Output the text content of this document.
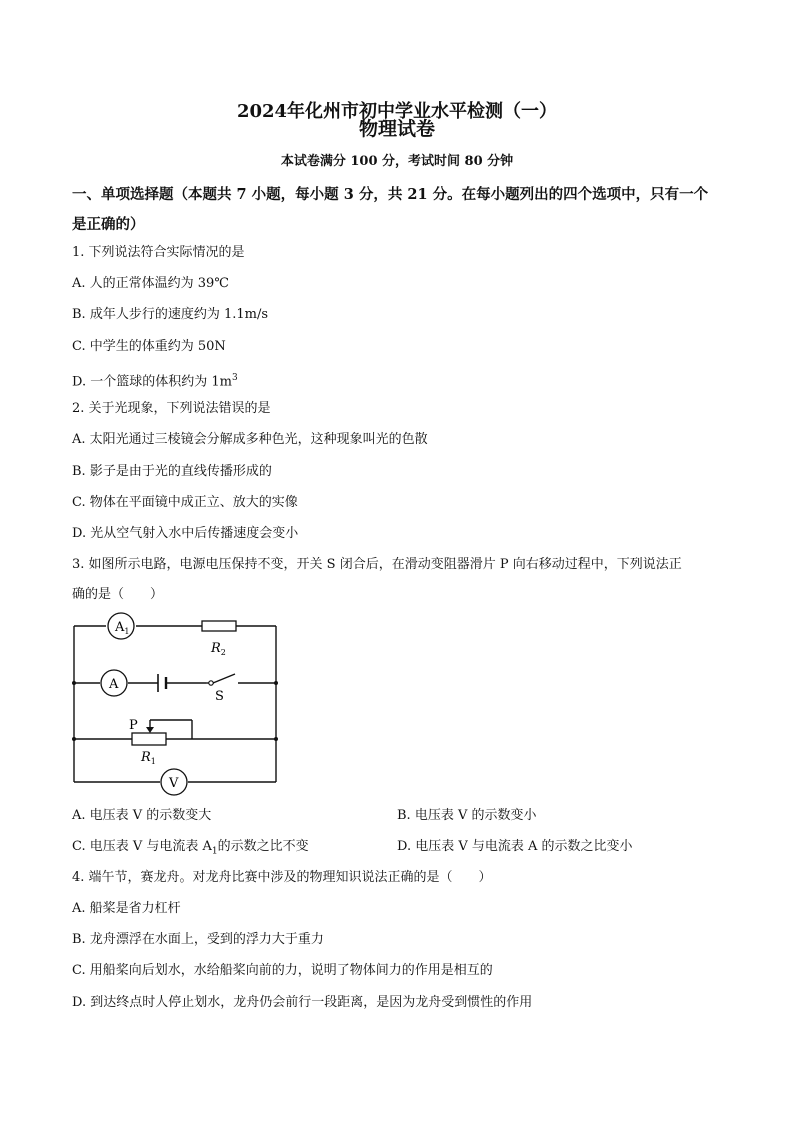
2024年化州市初中学业水平检测（一）
物理试卷
本试卷满分 100 分，考试时间 80 分钟
一、单项选择题（本题共 7 小题，每小题 3 分，共 21 分。在每小题列出的四个选项中，只有一个是正确的）
1. 下列说法符合实际情况的是
A. 人的正常体温约为 39℃
B. 成年人步行的速度约为 1.1m/s
C. 中学生的体重约为 50N
D. 一个篮球的体积约为 $1m^3$
2. 关于光现象，下列说法错误的是
A. 太阳光通过三棱镜会分解成多种色光，这种现象叫光的色散
B. 影子是由于光的直线传播形成的
C. 物体在平面镜中成正立、放大的实像
D. 光从空气射入水中后传播速度会变小
3. 如图所示电路，电源电压保持不变，开关 S 闭合后，在滑动变阻器滑片 P 向右移动过程中，下列说法正
确的是（　　）
$A_1$
A
V
$R_2$
S
P
$R_1$
A. 电压表 V 的示数变大	B. 电压表 V 的示数变小
C. 电压表 V 与电流表 $A_1$的示数之比不变	D. 电压表 V 与电流表 A 的示数之比变小
4. 端午节，赛龙舟。对龙舟比赛中涉及的物理知识说法正确的是（　　）
A. 船桨是省力杠杆
B. 龙舟漂浮在水面上，受到的浮力大于重力
C. 用船桨向后划水，水给船桨向前的力，说明了物体间力的作用是相互的
D. 到达终点时人停止划水，龙舟仍会前行一段距离，是因为龙舟受到惯性的作用
